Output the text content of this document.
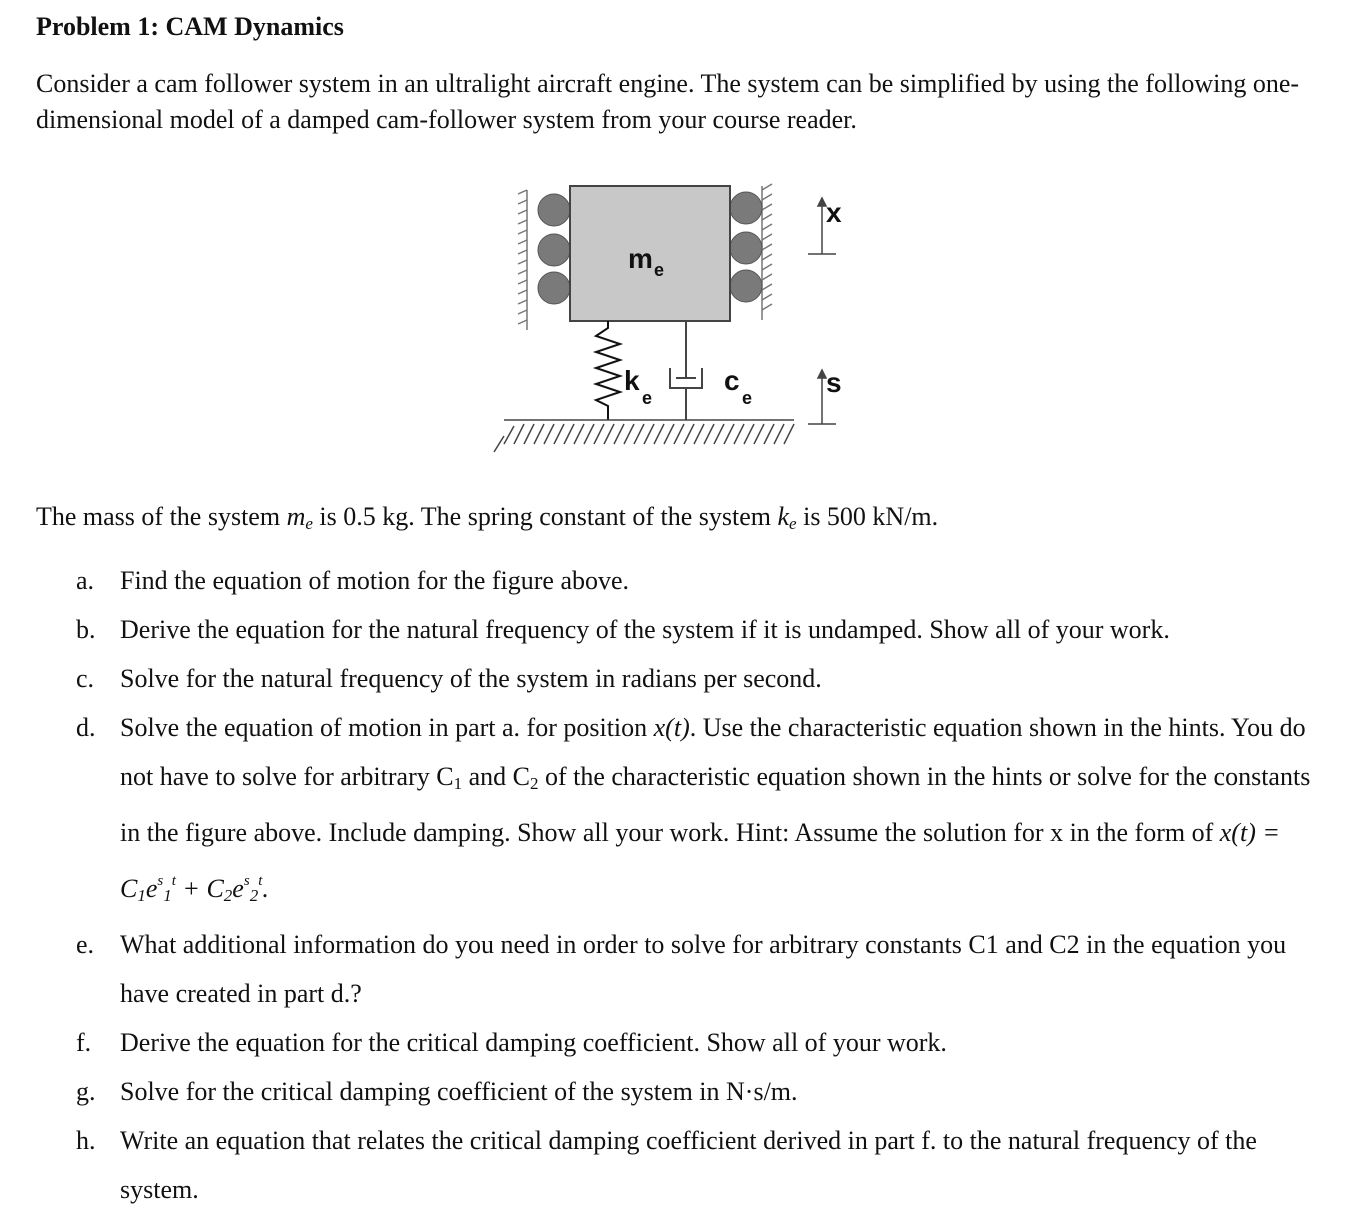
Problem 1: CAM Dynamics
Consider a cam follower system in an ultralight aircraft engine. The system can be simplified by using the following one-dimensional model of a damped cam-follower system from your course reader.
m e
k
e
c
e
x
s
The mass of the system $m_e$ is 0.5 kg. The spring constant of the system $k_e$ is 500 kN/m.
a. Find the equation of motion for the figure above.
b. Derive the equation for the natural frequency of the system if it is undamped. Show all of your work.
c. Solve for the natural frequency of the system in radians per second.
d. Solve the equation of motion in part a. for position x(t). Use the characteristic equation shown in the hints. You do not have to solve for arbitrary $C_1$ and $C_2$ of the characteristic equation shown in the hints or solve for the constants in the figure above. Include damping. Show all your work. Hint: Assume the solution for x in the form of $x(t) = C_1e^s_1^t + C_2e^s_2^t$.
e. What additional information do you need in order to solve for arbitrary constants C1 and C2 in the equation you have created in part d.?
f.	Derive the equation for the critical damping coefficient. Show all of your work.
g. Solve for the critical damping coefficient of the system in N·s/m.
h. Write an equation that relates the critical damping coefficient derived in part f. to the natural frequency of the system.
